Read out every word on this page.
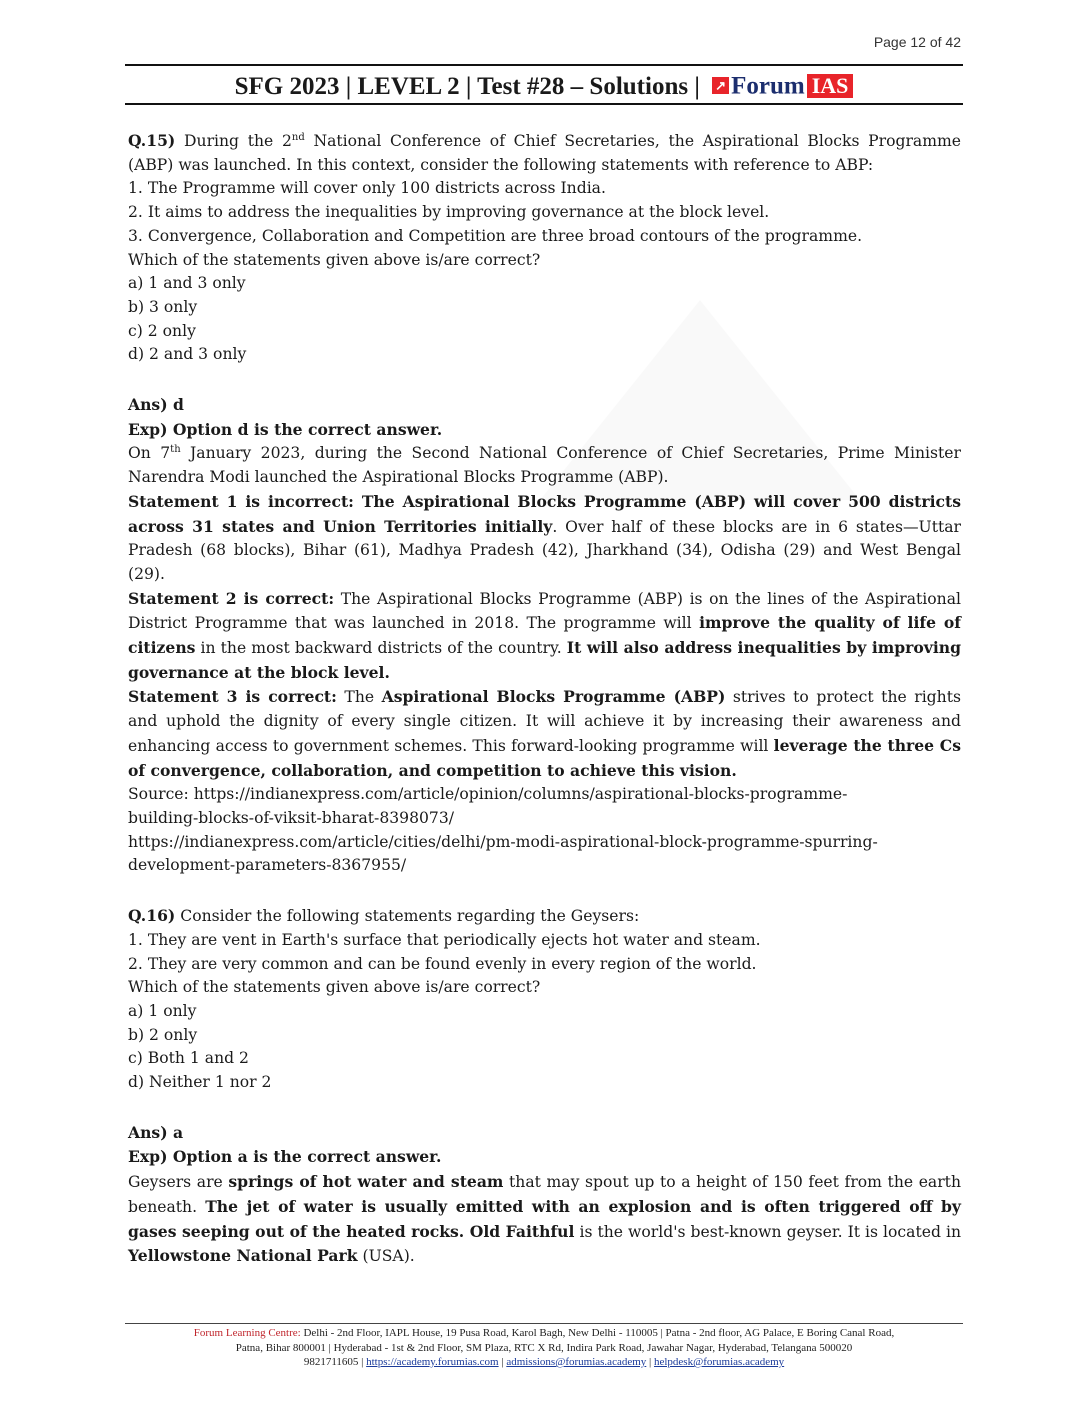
Page 12 of 42
SFG 2023 | LEVEL 2 | Test #28 – Solutions | ↗ Forum IAS

Q.15) During the 2nd National Conference of Chief Secretaries, the Aspirational Blocks Programme (ABP) was launched. In this context, consider the following statements with reference to ABP:

1. The Programme will cover only 100 districts across India.

2. It aims to address the inequalities by improving governance at the block level.

3. Convergence, Collaboration and Competition are three broad contours of the programme.

Which of the statements given above is/are correct?

a) 1 and 3 only

b) 3 only

c) 2 only

d) 2 and 3 only

Ans) d

Exp) Option d is the correct answer.

On 7th January 2023, during the Second National Conference of Chief Secretaries, Prime Minister Narendra Modi launched the Aspirational Blocks Programme (ABP).

Statement 1 is incorrect: The Aspirational Blocks Programme (ABP) will cover 500 districts across 31 states and Union Territories initially. Over half of these blocks are in 6 states—Uttar Pradesh (68 blocks), Bihar (61), Madhya Pradesh (42), Jharkhand (34), Odisha (29) and West Bengal (29).

Statement 2 is correct: The Aspirational Blocks Programme (ABP) is on the lines of the Aspirational District Programme that was launched in 2018. The programme will improve the quality of life of citizens in the most backward districts of the country. It will also address inequalities by improving governance at the block level.

Statement 3 is correct: The Aspirational Blocks Programme (ABP) strives to protect the rights and uphold the dignity of every single citizen. It will achieve it by increasing their awareness and enhancing access to government schemes. This forward-looking programme will leverage the three Cs of convergence, collaboration, and competition to achieve this vision.

Source: https://indianexpress.com/article/opinion/columns/aspirational-blocks-programme-

building-blocks-of-viksit-bharat-8398073/

https://indianexpress.com/article/cities/delhi/pm-modi-aspirational-block-programme-spurring-

development-parameters-8367955/

Q.16) Consider the following statements regarding the Geysers:

1. They are vent in Earth's surface that periodically ejects hot water and steam.

2. They are very common and can be found evenly in every region of the world.

Which of the statements given above is/are correct?

a) 1 only

b) 2 only

c) Both 1 and 2

d) Neither 1 nor 2

Ans) a

Exp) Option a is the correct answer.

Geysers are springs of hot water and steam that may spout up to a height of 150 feet from the earth beneath. The jet of water is usually emitted with an explosion and is often triggered off by gases seeping out of the heated rocks. Old Faithful is the world's best-known geyser. It is located in Yellowstone National Park (USA).

Forum Learning Centre: Delhi - 2nd Floor, IAPL House, 19 Pusa Road, Karol Bagh, New Delhi - 110005 | Patna - 2nd floor, AG Palace, E Boring Canal Road,
Patna, Bihar 800001 | Hyderabad - 1st & 2nd Floor, SM Plaza, RTC X Rd, Indira Park Road, Jawahar Nagar, Hyderabad, Telangana 500020
9821711605 | https://academy.forumias.com | admissions@forumias.academy | helpdesk@forumias.academy
